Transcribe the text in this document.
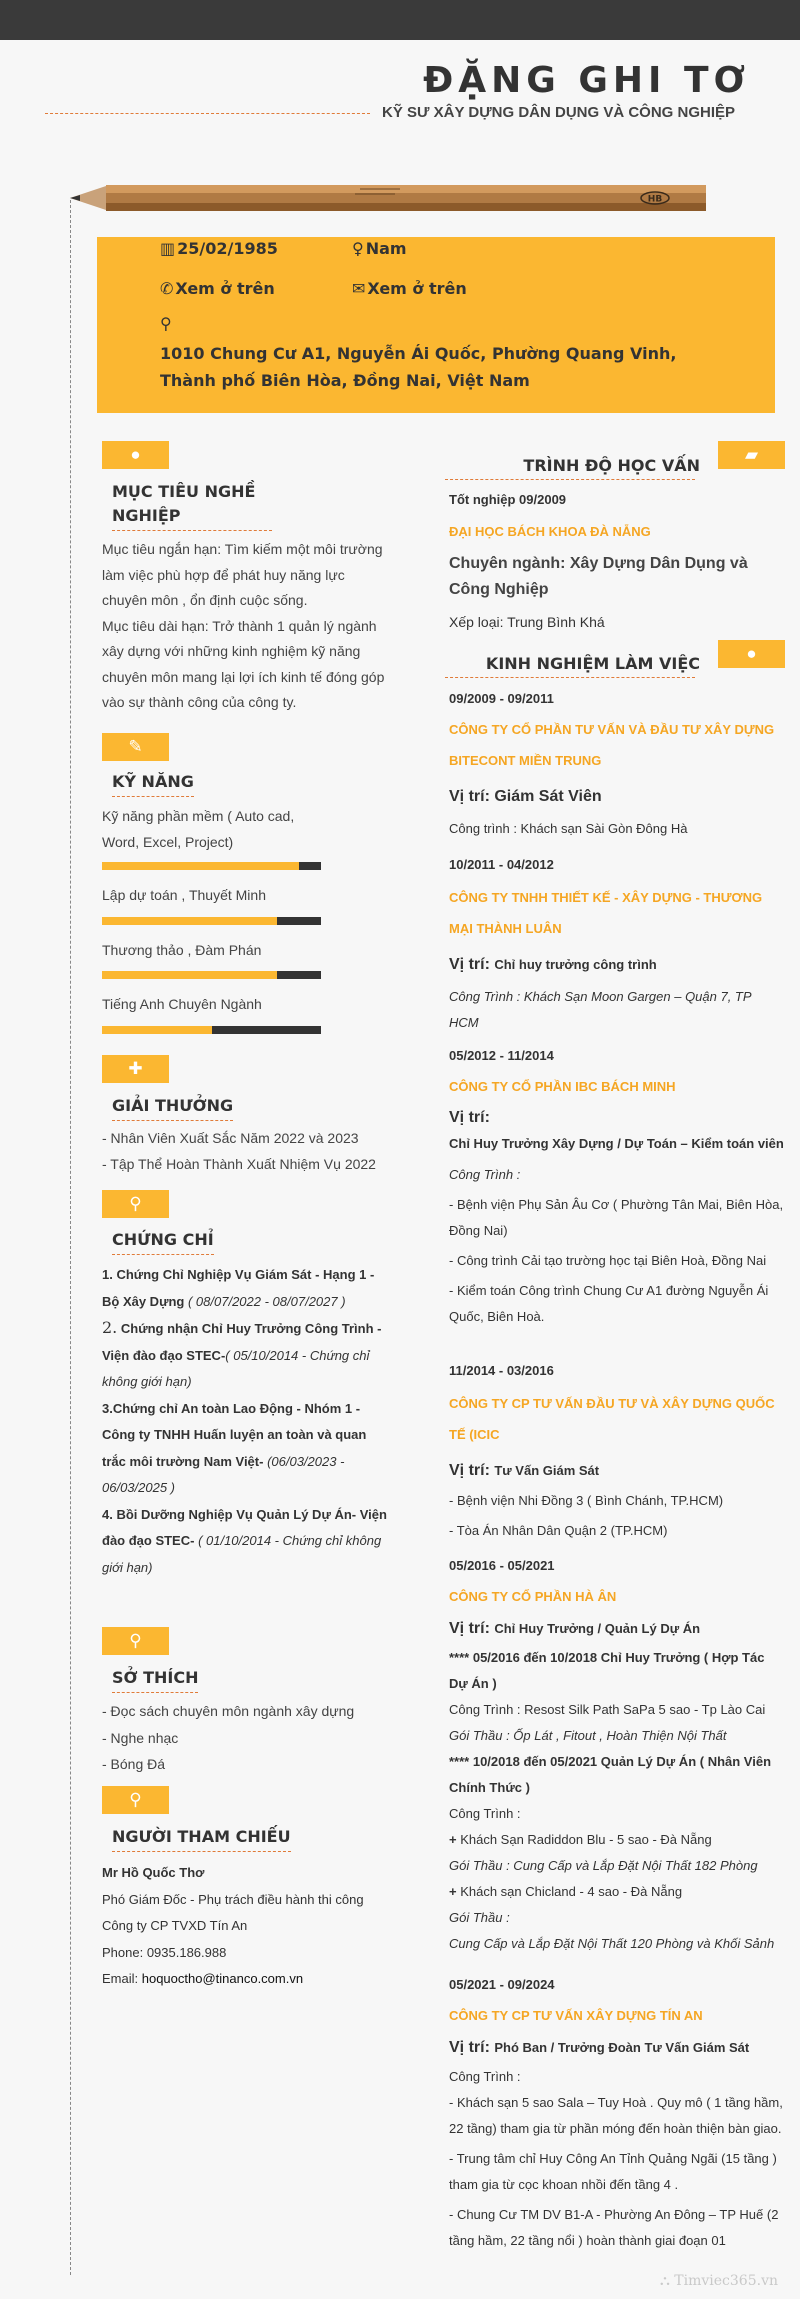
ĐẶNG GHI TƠ
KỸ SƯ XÂY DỰNG DÂN DỤNG VÀ CÔNG NGHIỆP
HB
▥ 25/02/1985	♀ Nam
✆ Xem ở trên	✉ Xem ở trên
⚲
1010 Chung Cư A1, Nguyễn Ái Quốc, Phường Quang Vinh, Thành phố Biên Hòa, Đồng Nai, Việt Nam
●
MỤC TIÊU NGHỀ NGHIỆP
Mục tiêu ngắn hạn: Tìm kiếm một môi trường làm việc phù hợp để phát huy năng lực chuyên môn , ổn định cuộc sống.
Mục tiêu dài hạn: Trở thành 1 quản lý ngành xây dựng với những kinh nghiệm kỹ năng chuyên môn mang lại lợi ích kinh tế đóng góp vào sự thành công của công ty.
✎
KỸ NĂNG
Kỹ năng phần mềm ( Auto cad, Word, Excel, Project)
Lập dự toán , Thuyết Minh
Thương thảo , Đàm Phán
Tiếng Anh Chuyên Ngành
✚
GIẢI THƯỞNG
- Nhân Viên Xuất Sắc Năm 2022 và 2023
- Tập Thể Hoàn Thành Xuất Nhiệm Vụ 2022
⚲
CHỨNG CHỈ
1. Chứng Chỉ Nghiệp Vụ Giám Sát - Hạng 1 - Bộ Xây Dựng ( 08/07/2022 - 08/07/2027 )
2. Chứng nhận Chỉ Huy Trưởng Công Trình - Viện đào đạo STEC-( 05/10/2014 - Chứng chỉ không giới hạn)
3.Chứng chỉ An toàn Lao Động - Nhóm 1 - Công ty TNHH Huấn luyện an toàn và quan trắc môi trường Nam Việt- (06/03/2023 - 06/03/2025 )
4. Bồi Dưỡng Nghiệp Vụ Quản Lý Dự Án- Viện đào đạo STEC- ( 01/10/2014 - Chứng chỉ không giới hạn)
⚲
SỞ THÍCH
- Đọc sách chuyên môn ngành xây dựng
- Nghe nhạc
- Bóng Đá
⚲
NGƯỜI THAM CHIẾU
Mr Hồ Quốc Thơ
Phó Giám Đốc - Phụ trách điều hành thi công
Công ty CP TVXD Tín An
Phone: 0935.186.988
Email: hoquoctho@tinanco.com.vn
▰
TRÌNH ĐỘ HỌC VẤN

Tốt nghiệp 09/2009

ĐẠI HỌC BÁCH KHOA ĐÀ NẴNG

Chuyên ngành: Xây Dựng Dân Dụng và Công Nghiệp

Xếp loại: Trung Bình Khá

●
KINH NGHIỆM LÀM VIỆC

09/2009 - 09/2011

CÔNG TY CỔ PHẦN TƯ VẤN VÀ ĐẦU TƯ XÂY DỰNG BITECONT MIỀN TRUNG

Vị trí: Giám Sát Viên

Công trình : Khách sạn Sài Gòn Đông Hà

10/2011 - 04/2012

CÔNG TY TNHH THIẾT KẾ - XÂY DỰNG - THƯƠNG MẠI THÀNH LUÂN

Vị trí: Chỉ huy trưởng công trình

Công Trình : Khách Sạn Moon Gargen – Quận 7, TP HCM

05/2012 - 11/2014

CÔNG TY CỔ PHẦN IBC BÁCH MINH

Vị trí:

Chỉ Huy Trưởng Xây Dựng / Dự Toán – Kiểm toán viên

Công Trình :

- Bệnh viện Phụ Sản Âu Cơ ( Phường Tân Mai, Biên Hòa, Đồng Nai)

- Công trình Cải tạo trường học tại Biên Hoà, Đồng Nai

- Kiểm toán Công trình Chung Cư A1 đường Nguyễn Ái Quốc, Biên Hoà.

11/2014 - 03/2016

CÔNG TY CP TƯ VẤN ĐẦU TƯ VÀ XÂY DỰNG QUỐC TẾ (ICIC

Vị trí: Tư Vấn Giám Sát

- Bệnh viện Nhi Đồng 3 ( Bình Chánh, TP.HCM)

- Tòa Án Nhân Dân Quận 2 (TP.HCM)

05/2016 - 05/2021

CÔNG TY CỔ PHẦN HÀ ÂN

Vị trí: Chỉ Huy Trưởng / Quản Lý Dự Án

**** 05/2016 đến 10/2018 Chỉ Huy Trưởng ( Hợp Tác Dự Án )

Công Trình : Resost Silk Path SaPa 5 sao - Tp Lào Cai

Gói Thầu : Ốp Lát , Fitout , Hoàn Thiện Nội Thất

**** 10/2018 đến 05/2021 Quản Lý Dự Án ( Nhân Viên Chính Thức )

Công Trình :

+ Khách Sạn Radiddon Blu - 5 sao - Đà Nẵng

Gói Thầu : Cung Cấp và Lắp Đặt Nội Thất 182 Phòng

+ Khách sạn Chicland - 4 sao - Đà Nẵng

Gói Thầu :

Cung Cấp và Lắp Đặt Nội Thất 120 Phòng và Khối Sảnh

05/2021 - 09/2024

CÔNG TY CP TƯ VẤN XÂY DỰNG TÍN AN

Vị trí: Phó Ban / Trưởng Đoàn Tư Vấn Giám Sát

Công Trình :

- Khách sạn 5 sao Sala – Tuy Hoà . Quy mô ( 1 tầng hầm, 22 tầng) tham gia từ phần móng đến hoàn thiện bàn giao.

- Trung tâm chỉ Huy Công An Tỉnh Quảng Ngãi (15 tầng ) tham gia từ cọc khoan nhồi đến tầng 4 .

- Chung Cư TM DV B1-A - Phường An Đông – TP Huế (2 tầng hầm, 22 tầng nổi ) hoàn thành giai đoạn 01

⛬ Timviec365.vn
